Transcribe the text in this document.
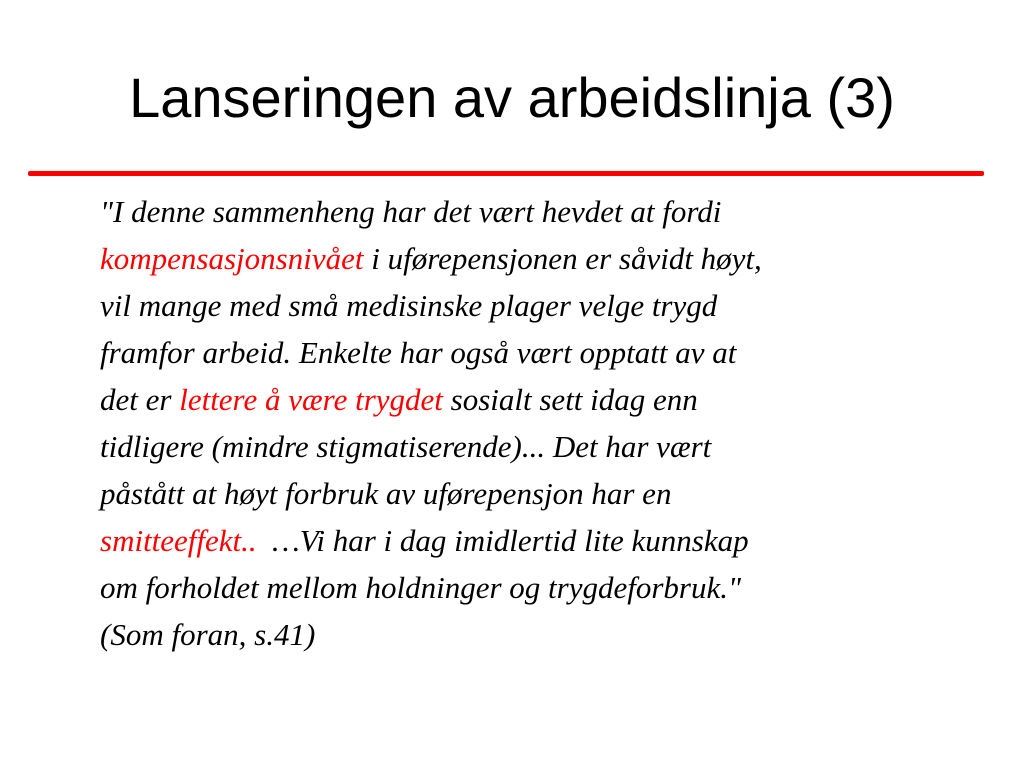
Lanseringen av arbeidslinja (3)
"I denne sammenheng har det vært hevdet at fordi
kompensasjonsnivået i uførepensjonen er såvidt høyt,
vil mange med små medisinske plager velge trygd
framfor arbeid. Enkelte har også vært opptatt av at
det er lettere å være trygdet sosialt sett idag enn
tidligere (mindre stigmatiserende)... Det har vært
påstått at høyt forbruk av uførepensjon har en
smitteeffekt..  …Vi har i dag imidlertid lite kunnskap
om forholdet mellom holdninger og trygdeforbruk."
(Som foran, s.41)
